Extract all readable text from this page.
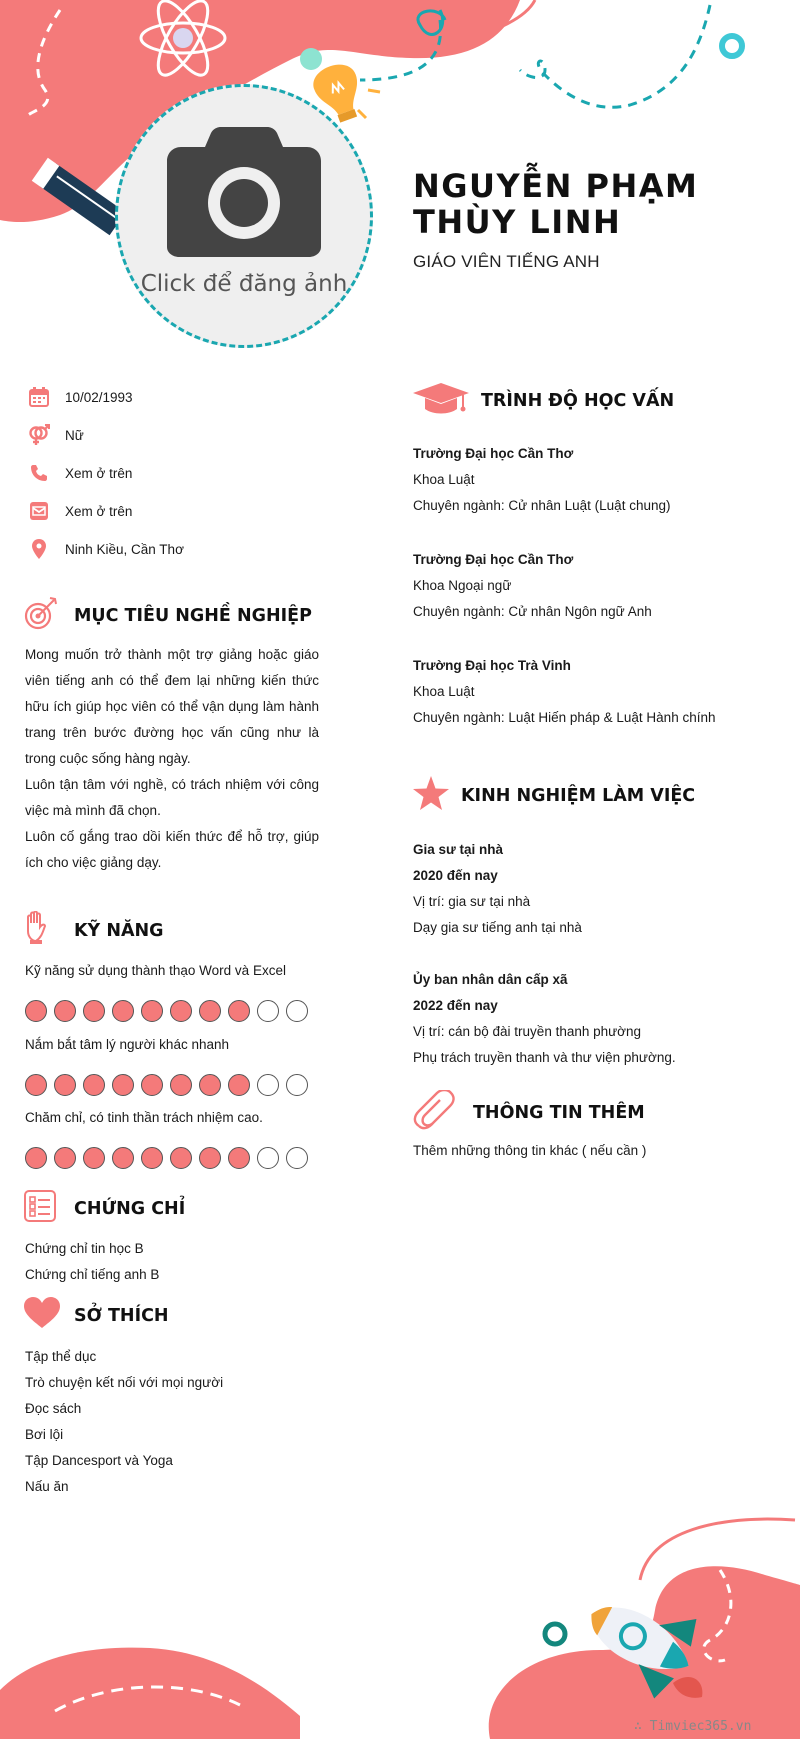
Click để đăng ảnh
NGUYỄN PHẠM THÙY LINH
GIÁO VIÊN TIẾNG ANH
10/02/1993
Nữ
Xem ở trên
Xem ở trên
Ninh Kiều, Cần Thơ
MỤC TIÊU NGHỀ NGHIỆP

Mong muốn trở thành một trợ giảng hoặc giáo viên tiếng anh có thể đem lại những kiến thức hữu ích giúp học viên có thể vận dụng làm hành trang trên bước đường học vấn cũng như là trong cuộc sống hàng ngày.

Luôn tận tâm với nghề, có trách nhiệm với công việc mà mình đã chọn.

Luôn cố gắng trao dồi kiến thức để hỗ trợ, giúp ích cho việc giảng dạy.

KỸ NĂNG
Kỹ năng sử dụng thành thạo Word và Excel
Nắm bắt tâm lý người khác nhanh
Chăm chỉ, có tinh thần trách nhiệm cao.
CHỨNG CHỈ
Chứng chỉ tin học B
Chứng chỉ tiếng anh B
SỞ THÍCH
Tập thể dục
Trò chuyện kết nối với mọi người
Đọc sách
Bơi lội
Tập Dancesport và Yoga
Nấu ăn
TRÌNH ĐỘ HỌC VẤN
Trường Đại học Cần Thơ
Khoa Luật
Chuyên ngành: Cử nhân Luật (Luật chung)
Trường Đại học Cần Thơ
Khoa Ngoại ngữ
Chuyên ngành: Cử nhân Ngôn ngữ Anh
Trường Đại học Trà Vinh
Khoa Luật
Chuyên ngành: Luật Hiến pháp & Luật Hành chính
KINH NGHIỆM LÀM VIỆC
Gia sư tại nhà
2020 đến nay
Vị trí: gia sư tại nhà
Dạy gia sư tiếng anh tại nhà
Ủy ban nhân dân cấp xã
2022 đến nay
Vị trí: cán bộ đài truyền thanh phường
Phụ trách truyền thanh và thư viện phường.
THÔNG TIN THÊM
Thêm những thông tin khác ( nếu cần )
∴ Timviec365.vn
